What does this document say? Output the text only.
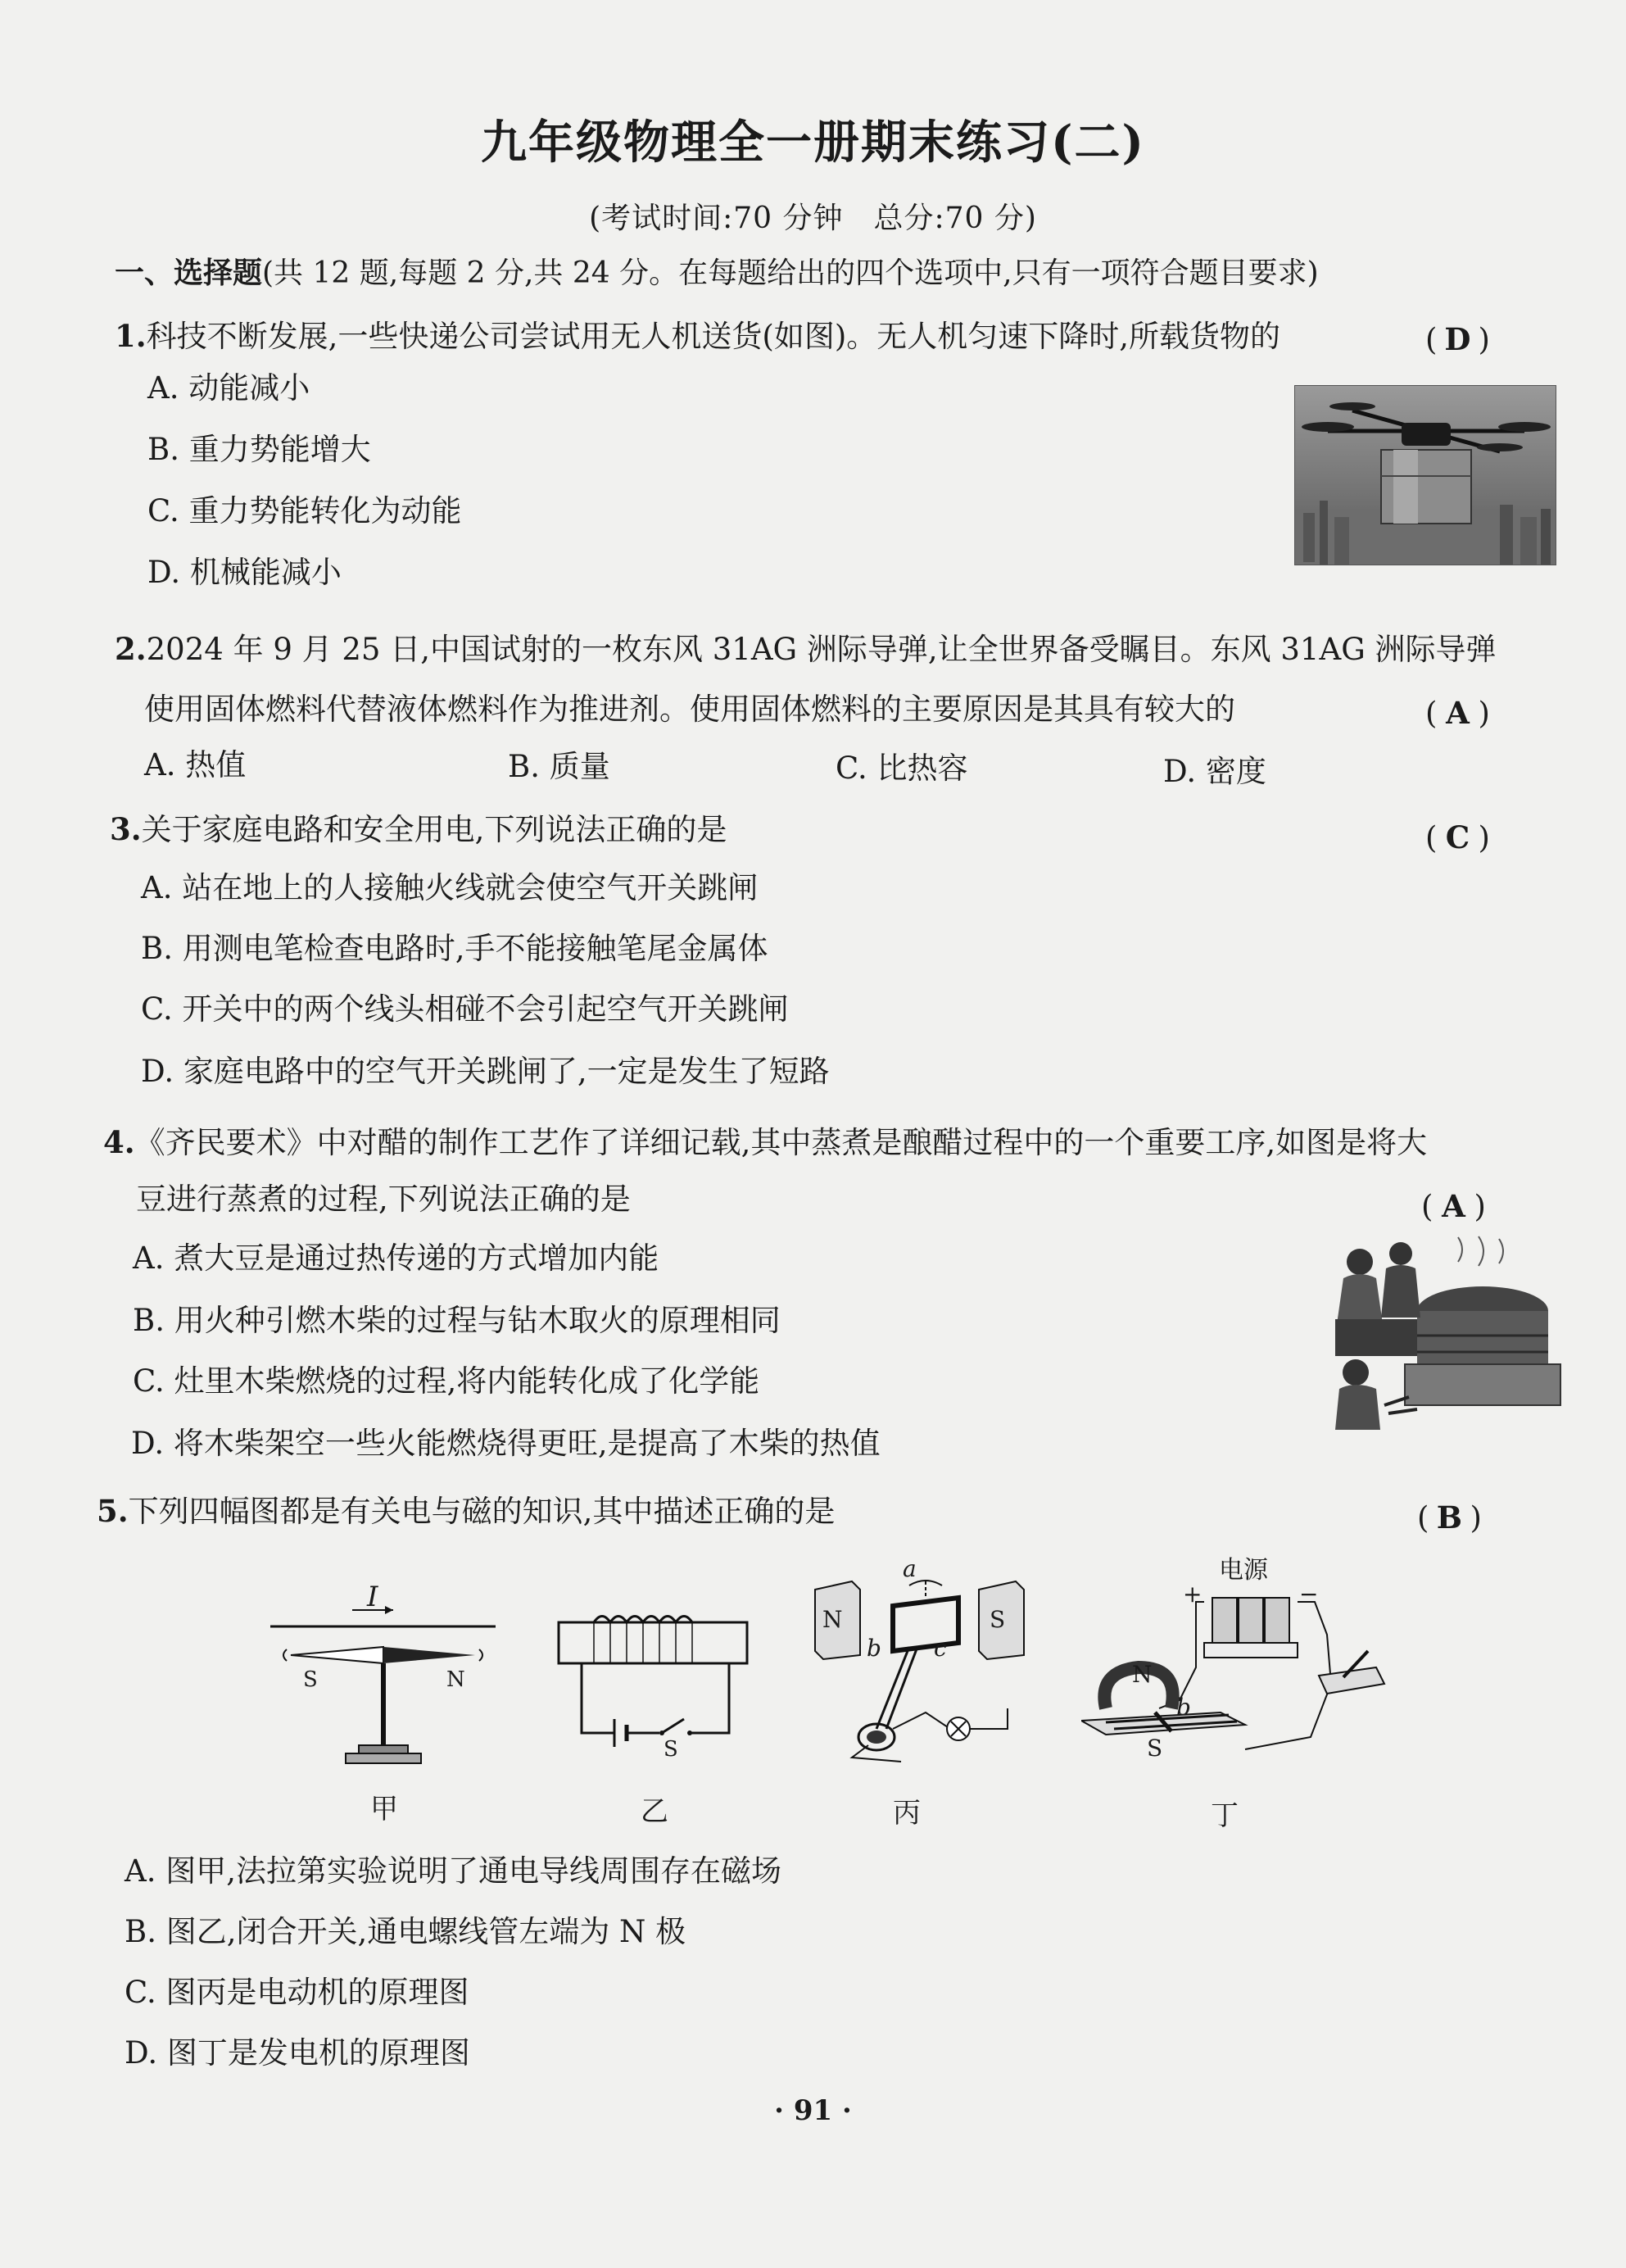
九年级物理全一册期末练习(二)
(考试时间:70 分钟　总分:70 分)
一、选择题(共 12 题,每题 2 分,共 24 分。在每题给出的四个选项中,只有一项符合题目要求)
1.科技不断发展,一些快递公司尝试用无人机送货(如图)。无人机匀速下降时,所载货物的	( D )
A. 动能减小
B. 重力势能增大
C. 重力势能转化为动能
D. 机械能减小
2.2024 年 9 月 25 日,中国试射的一枚东风 31AG 洲际导弹,让全世界备受瞩目。东风 31AG 洲际导弹
使用固体燃料代替液体燃料作为推进剂。使用固体燃料的主要原因是其具有较大的	( A )
A. 热值	B. 质量	C. 比热容	D. 密度
3.关于家庭电路和安全用电,下列说法正确的是	( C )
A. 站在地上的人接触火线就会使空气开关跳闸
B. 用测电笔检查电路时,手不能接触笔尾金属体
C. 开关中的两个线头相碰不会引起空气开关跳闸
D. 家庭电路中的空气开关跳闸了,一定是发生了短路
4.《齐民要术》中对醋的制作工艺作了详细记载,其中蒸煮是酿醋过程中的一个重要工序,如图是将大
豆进行蒸煮的过程,下列说法正确的是	( A )
A. 煮大豆是通过热传递的方式增加内能
B. 用火种引燃木柴的过程与钻木取火的原理相同
C. 灶里木柴燃烧的过程,将内能转化成了化学能
D. 将木柴架空一些火能燃烧得更旺,是提高了木柴的热值
5.下列四幅图都是有关电与磁的知识,其中描述正确的是	( B )
I
S	N
甲
S
乙
N	S
a
b c
丙
电源
+	−
N
S
b
丁
A. 图甲,法拉第实验说明了通电导线周围存在磁场
B. 图乙,闭合开关,通电螺线管左端为 N 极
C. 图丙是电动机的原理图
D. 图丁是发电机的原理图
· 91 ·
